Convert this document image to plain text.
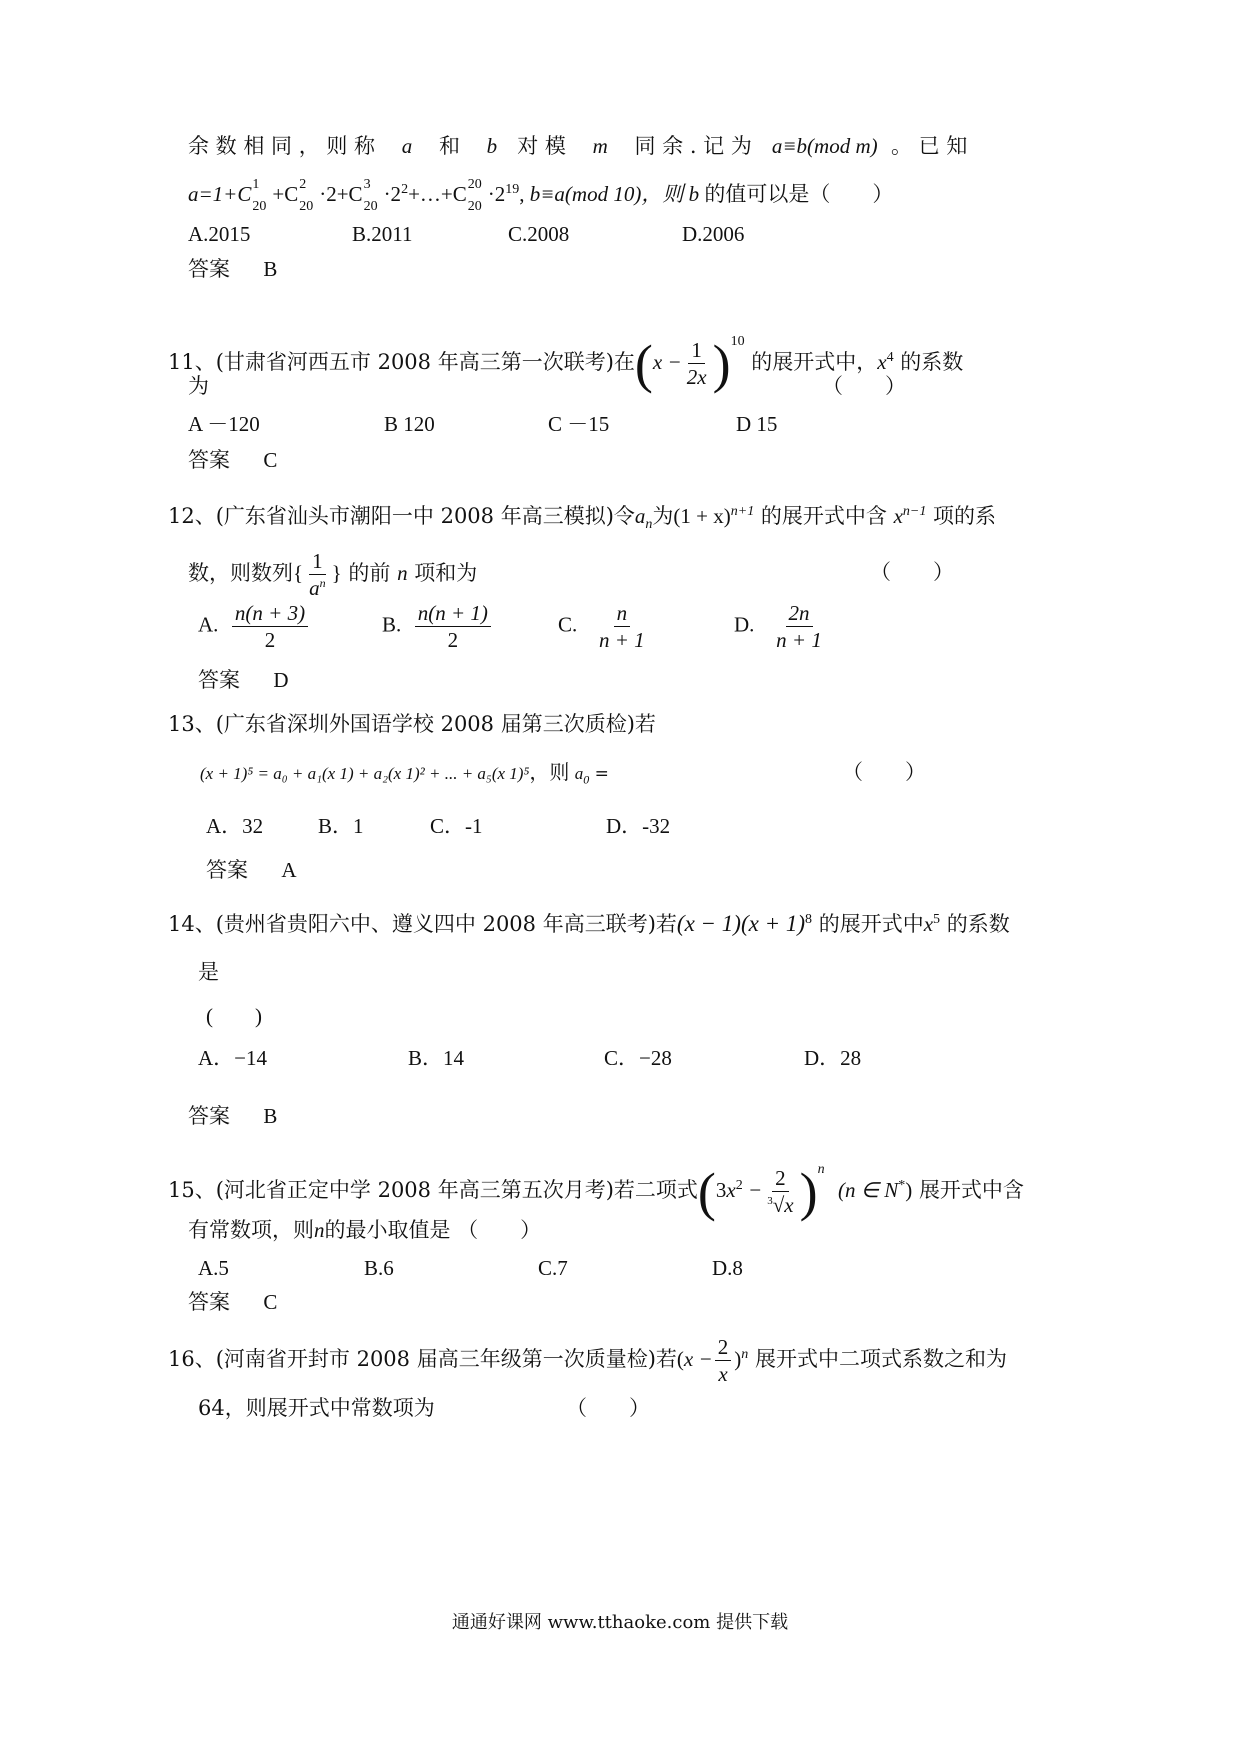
余 数 相 同 ， 则 称 a 和 b 对 模 m 同 余 . 记 为 a≡b(mod m) 。 已 知
a=1+C 1
20
+C 2
20
·2+C 3
20
$\cdot 2^2+\dots+C$ 20
20
$\cdot 2^{19}$, b≡a(mod 10)，则 b 的值可以是（　　）
A.2015	B.2011	C.2008	D.2006
答案 B
11、(甘肃省河西五市 2008 年高三第一次联考)在$(x - \frac{1}{2x} )^{10}$ 的展开式中，$x^4$ 的系数
为	（　　）
A －120	B 120	C －15	D 15
答案 C
12、(广东省汕头市潮阳一中 2008 年高三模拟)令$a_n$为$(1 + x)^{n+1}$ 的展开式中含 $x^{n-1}$ 项的系
数，则数列{ $\frac{1}{a^n}$ } 的前 n 项和为	（　　）
A. $\frac{n(n + 3)}{2}$	B. $\frac{n(n + 1)}{2}$	C. $\frac{n}{n + 1}$	D. $\frac{2n}{n + 1}$
答案 D
13、(广东省深圳外国语学校 2008 届第三次质检)若
(x + 1)⁵ = a₀ + a₁(x 1) + a₂(x 1)² + ... + a₅(x 1)⁵，则 $a_0$ =	（　　）
A．32	B．1	C．-1	D．-32
答案 A
14、(贵州省贵阳六中、遵义四中 2008 年高三联考)若$(x - 1)(x + 1)^8$ 的展开式中$x^5$ 的系数
是
(　　)
A．−14	B．14	C．−28	D．28
答案 B
15、(河北省正定中学 2008 年高三第五次月考)若二项式$(3x^2 - \frac{2}{^3√x} )^n$  (n ∈ N*) 展开式中含
有常数项，则n的最小取值是 （　　）
A.5	B.6	C.7	D.8
答案 C
16、(河南省开封市 2008 届高三年级第一次质量检)若$(x - \frac{2}{x} )^n$ 展开式中二项式系数之和为
64，则展开式中常数项为	（　　）
通通好课网 www.tthaoke.com 提供下载
